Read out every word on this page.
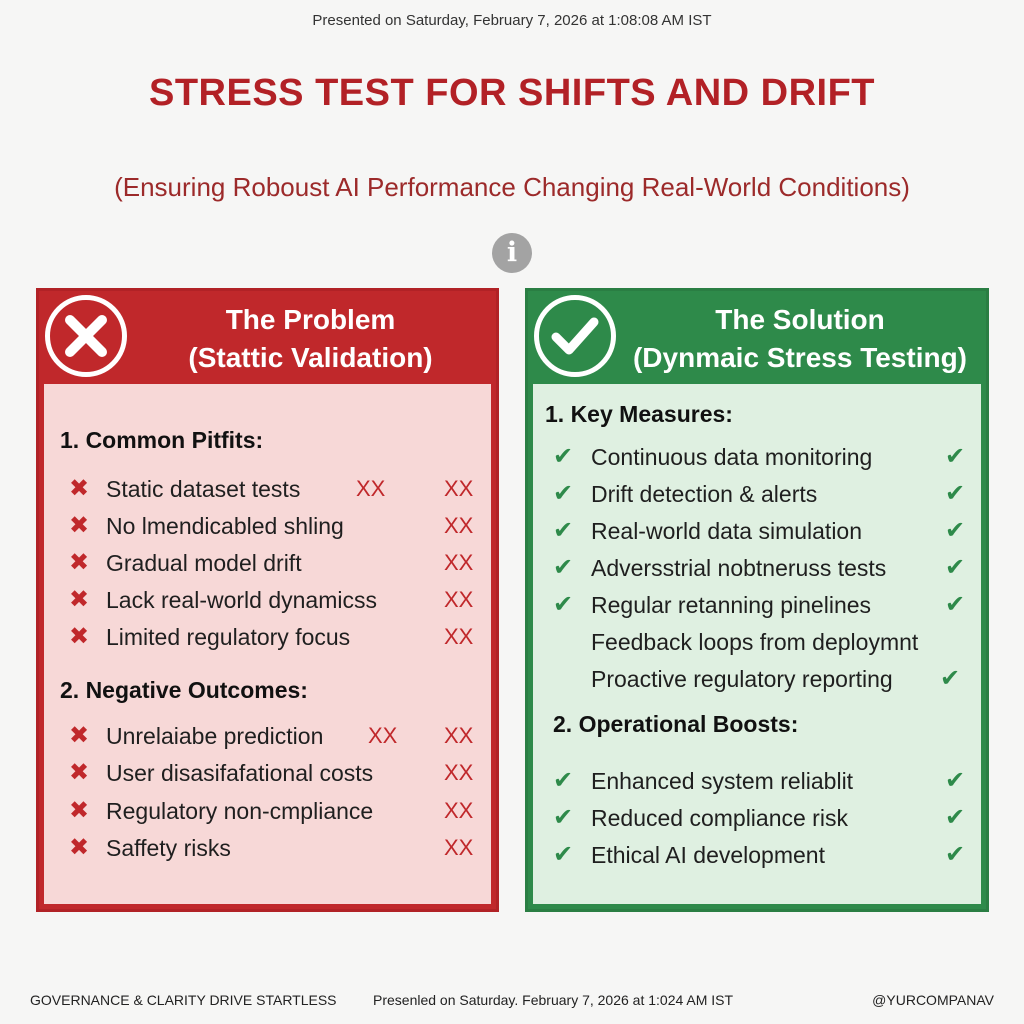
Presented on Saturday, February 7, 2026 at 1:08:08 AM IST
STRESS TEST FOR SHIFTS AND DRIFT
(Ensuring Roboust AI Performance Changing Real-World Conditions)
i
The Problem
(Stattic Validation)
1. Common Pitfits:
✖ Static dataset tests	XX	XX
✖ No lmendicabled shling	XX
✖ Gradual model drift	XX
✖ Lack real-world dynamicss	XX
✖ Limited regulatory focus	XX
2. Negative Outcomes:
✖ Unrelaiabe prediction XX XX
✖ User disasifafational costs	XX
✖ Regulatory non-cmpliance	XX
✖ Saffety risks	XX
The Solution
(Dynmaic Stress Testing)
1. Key Measures:
✔ Continuous data monitoring	✔
✔ Drift detection & alerts	✔
✔ Real-world data simulation	✔
✔ Adversstrial nobtneruss tests ✔
✔ Regular retanning pinelines	✔
Feedback loops from deploymnt
Proactive regulatory reporting ✔
2. Operational Boosts:
✔ Enhanced system reliablit	✔
✔ Reduced compliance risk	✔
✔ Ethical AI development	✔
GOVERNANCE & CLARITY DRIVE STARTLESS	Presenled on Saturday. February 7, 2026 at 1:024 AM IST	@YURCOMPANAV
